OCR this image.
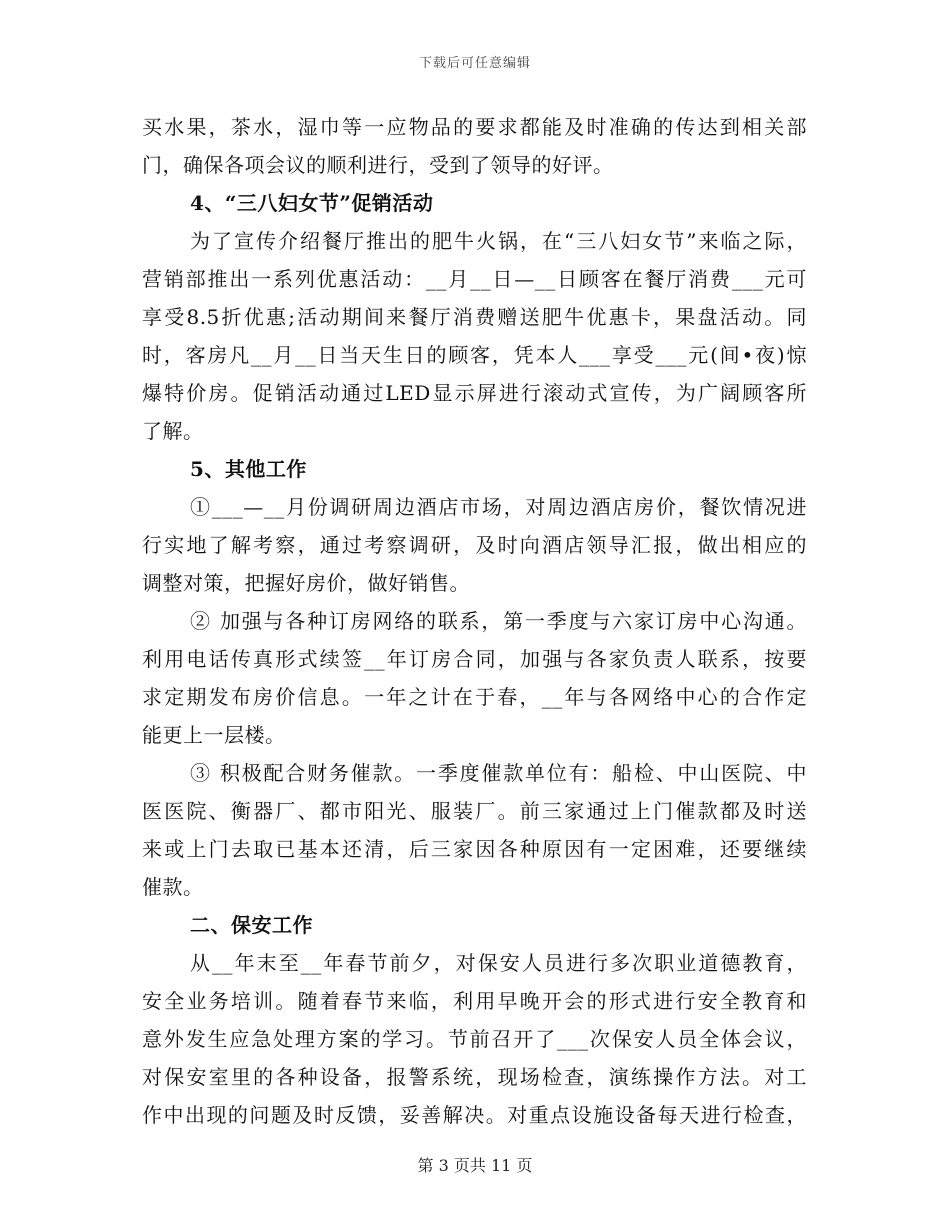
下载后可任意编辑
买水果，茶水，湿巾等一应物品的要求都能及时准确的传达到相关部
门，确保各项会议的顺利进行，受到了领导的好评。
4、“三八妇女节”促销活动
为了宣传介绍餐厅推出的肥牛火锅，在“三八妇女节”来临之际，
营销部推出一系列优惠活动：__月__日—__日顾客在餐厅消费___元可
享受8.5折优惠;活动期间来餐厅消费赠送肥牛优惠卡，果盘活动。同
时，客房凡__月__日当天生日的顾客，凭本人___享受___元(间•夜)惊
爆特价房。促销活动通过LED显示屏进行滚动式宣传，为广阔顾客所
了解。
5、其他工作
①___—__月份调研周边酒店市场，对周边酒店房价，餐饮情况进
行实地了解考察，通过考察调研，及时向酒店领导汇报，做出相应的
调整对策，把握好房价，做好销售。
② 加强与各种订房网络的联系，第一季度与六家订房中心沟通。
利用电话传真形式续签__年订房合同，加强与各家负责人联系，按要
求定期发布房价信息。一年之计在于春，__年与各网络中心的合作定
能更上一层楼。
③ 积极配合财务催款。一季度催款单位有：船检、中山医院、中
医医院、衡器厂、都市阳光、服装厂。前三家通过上门催款都及时送
来或上门去取已基本还清，后三家因各种原因有一定困难，还要继续
催款。
二、保安工作
从__年末至__年春节前夕，对保安人员进行多次职业道德教育，
安全业务培训。随着春节来临，利用早晚开会的形式进行安全教育和
意外发生应急处理方案的学习。节前召开了___次保安人员全体会议，
对保安室里的各种设备，报警系统，现场检查，演练操作方法。对工
作中出现的问题及时反馈，妥善解决。对重点设施设备每天进行检查，
第 3 页共 11 页
